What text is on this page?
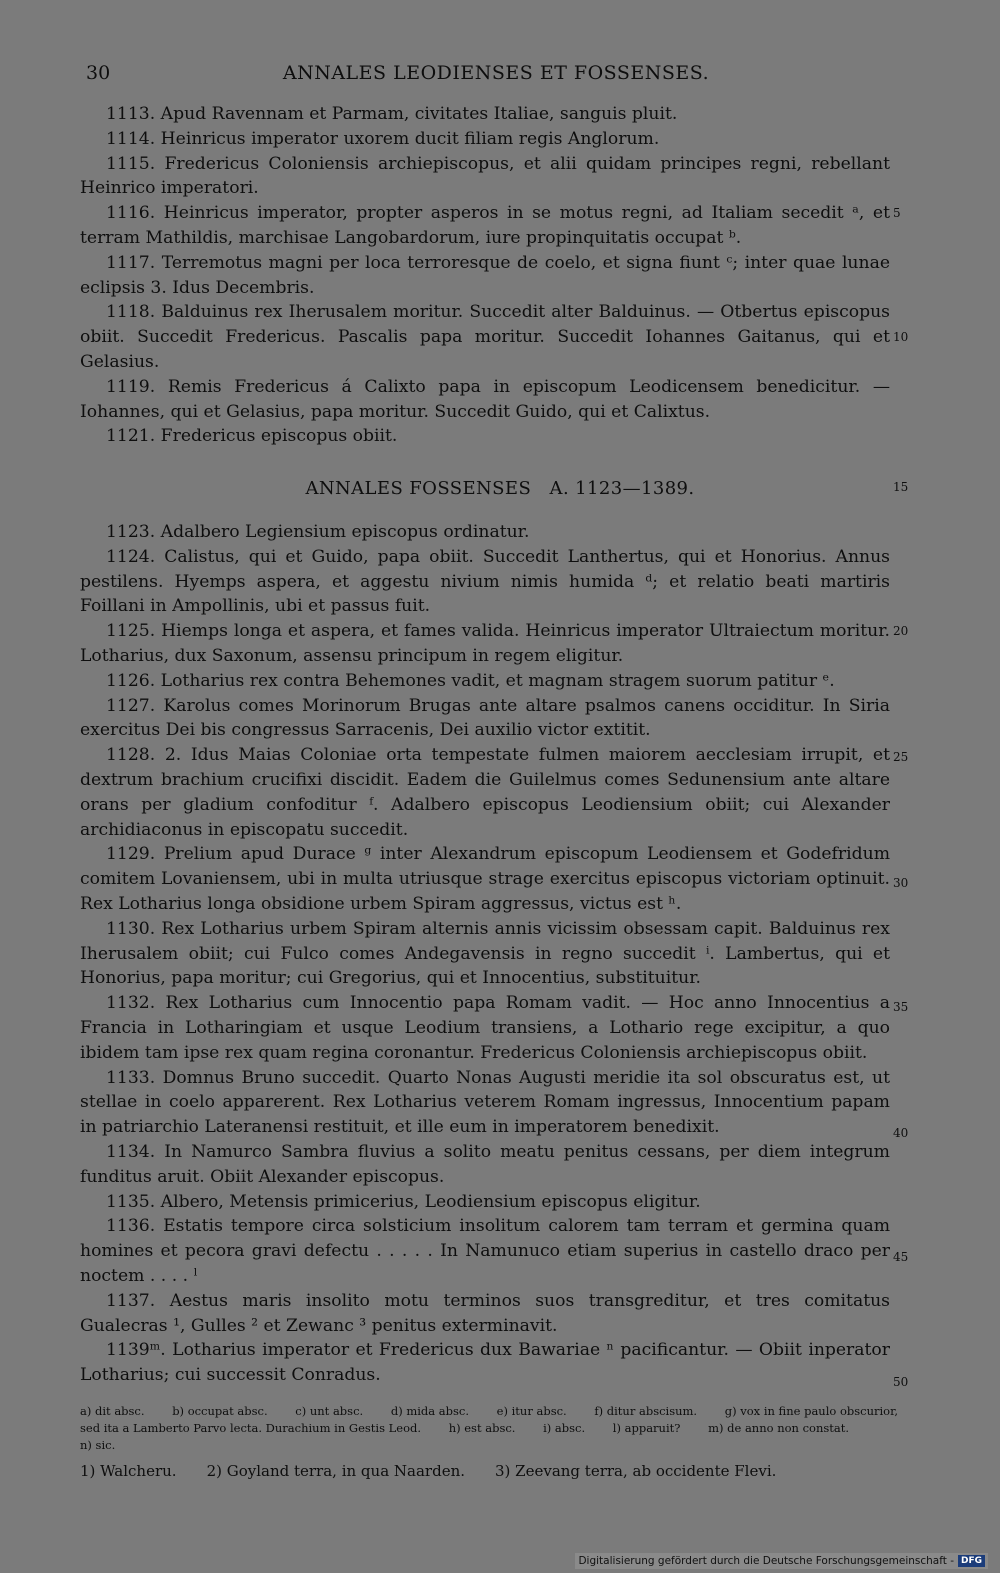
30	ANNALES LEODIENSES ET FOSSENSES.

1113. Apud Ravennam et Parmam, civitates Italiae, sanguis pluit.

1114. Heinricus imperator uxorem ducit filiam regis Anglorum.

1115. Fredericus Coloniensis archiepiscopus, et alii quidam principes regni, rebellant Heinrico imperatori.

1116. Heinricus imperator, propter asperos in se motus regni, ad Italiam secedit ᵃ, et terram Mathildis, marchisae Langobardorum, iure propinquitatis occupat ᵇ.

1117. Terremotus magni per loca terroresque de coelo, et signa fiunt ᶜ; inter quae lunae eclipsis 3. Idus Decembris.

1118. Balduinus rex Iherusalem moritur. Succedit alter Balduinus. — Otbertus episcopus obiit. Succedit Fredericus. Pascalis papa moritur. Succedit Iohannes Gaitanus, qui et Gelasius.

1119. Remis Fredericus á Calixto papa in episcopum Leodicensem benedicitur. — Iohannes, qui et Gelasius, papa moritur. Succedit Guido, qui et Calixtus.

1121. Fredericus episcopus obiit.

ANNALES FOSSENSES   A. 1123—1389.

1123. Adalbero Legiensium episcopus ordinatur.

1124. Calistus, qui et Guido, papa obiit. Succedit Lanthertus, qui et Honorius. Annus pestilens. Hyemps aspera, et aggestu nivium nimis humida ᵈ; et relatio beati martiris Foillani in Ampollinis, ubi et passus fuit.

1125. Hiemps longa et aspera, et fames valida. Heinricus imperator Ultraiectum moritur. Lotharius, dux Saxonum, assensu principum in regem eligitur.

1126. Lotharius rex contra Behemones vadit, et magnam stragem suorum patitur ᵉ.

1127. Karolus comes Morinorum Brugas ante altare psalmos canens occiditur. In Siria exercitus Dei bis congressus Sarracenis, Dei auxilio victor extitit.

1128. 2. Idus Maias Coloniae orta tempestate fulmen maiorem aecclesiam irrupit, et dextrum brachium crucifixi discidit. Eadem die Guilelmus comes Sedunensium ante altare orans per gladium confoditur ᶠ. Adalbero episcopus Leodiensium obiit; cui Alexander archidiaconus in episcopatu succedit.

1129. Prelium apud Durace ᵍ inter Alexandrum episcopum Leodiensem et Godefridum comitem Lovaniensem, ubi in multa utriusque strage exercitus episcopus victoriam optinuit. Rex Lotharius longa obsidione urbem Spiram aggressus, victus est ʰ.

1130. Rex Lotharius urbem Spiram alternis annis vicissim obsessam capit. Balduinus rex Iherusalem obiit; cui Fulco comes Andegavensis in regno succedit ⁱ. Lambertus, qui et Honorius, papa moritur; cui Gregorius, qui et Innocentius, substituitur.

1132. Rex Lotharius cum Innocentio papa Romam vadit. — Hoc anno Innocentius a Francia in Lotharingiam et usque Leodium transiens, a Lothario rege excipitur, a quo ibidem tam ipse rex quam regina coronantur. Fredericus Coloniensis archiepiscopus obiit.

1133. Domnus Bruno succedit. Quarto Nonas Augusti meridie ita sol obscuratus est, ut stellae in coelo apparerent. Rex Lotharius veterem Romam ingressus, Innocentium papam in patriarchio Lateranensi restituit, et ille eum in imperatorem benedixit.

1134. In Namurco Sambra fluvius a solito meatu penitus cessans, per diem integrum funditus aruit. Obiit Alexander episcopus.

1135. Albero, Metensis primicerius, Leodiensium episcopus eligitur.

1136. Estatis tempore circa solsticium insolitum calorem tam terram et germina quam homines et pecora gravi defectu . . . . . In Namunuco etiam superius in castello draco per noctem . . . . ˡ

1137. Aestus maris insolito motu terminos suos transgreditur, et tres comitatus Gualecras ¹, Gulles ² et Zewanc ³ penitus exterminavit.

1139ᵐ. Lotharius imperator et Fredericus dux Bawariae ⁿ pacificantur. — Obiit inperator Lotharius; cui successit Conradus.

5
10
15
20
25
30
35
40
45
50
a) dit absc. b) occupat absc. c) unt absc. d) mida absc. e) itur absc. f) ditur abscisum. g) vox in fine paulo obscurior, sed ita a Lamberto Parvo lecta. Durachium in Gestis Leod. h) est absc. i) absc. l) apparuit? m) de anno non constat. n) sic.
1) Walcheru. 2) Goyland terra, in qua Naarden. 3) Zeevang terra, ab occidente Flevi.
Digitalisierung gefördert durch die Deutsche Forschungsgemeinschaft - DFG
